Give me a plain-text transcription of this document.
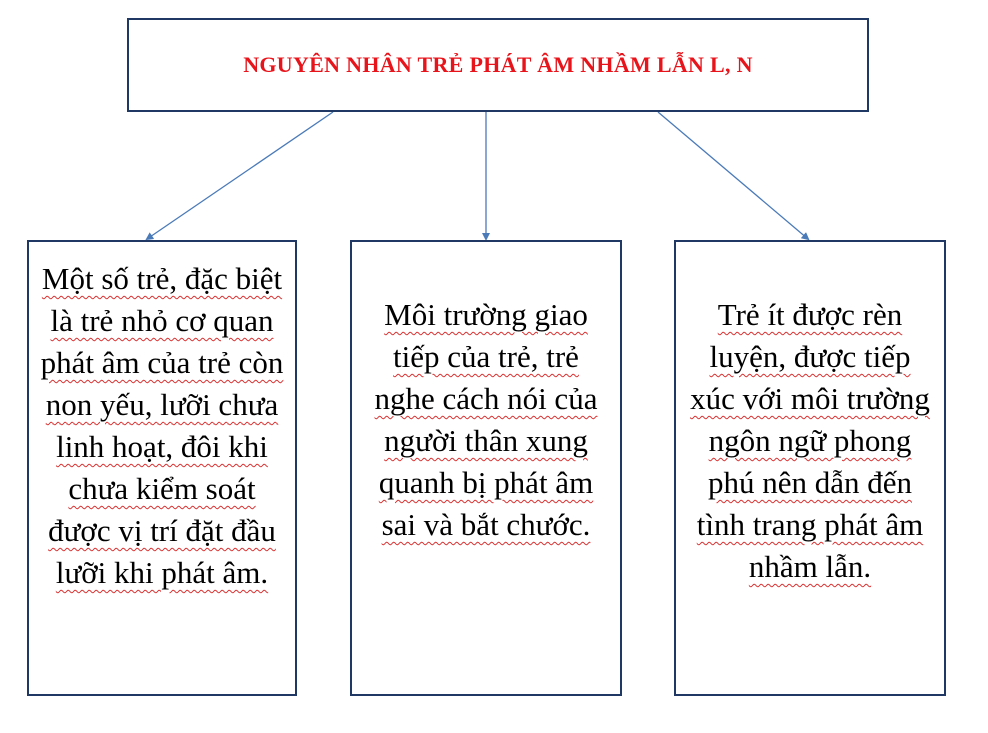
NGUYÊN NHÂN TRẺ PHÁT ÂM NHẦM LẪN L, N
Một số trẻ, đặc biệt là trẻ nhỏ cơ quan phát âm của trẻ còn non yếu, lưỡi chưa linh hoạt, đôi khi chưa kiểm soát được vị trí đặt đầu lưỡi khi phát âm.
Môi trường giao tiếp của trẻ, trẻ nghe cách nói của người thân xung quanh bị phát âm sai và bắt chước.
Trẻ ít được rèn luyện, được tiếp xúc với môi trường ngôn ngữ phong phú nên dẫn đến tình trang phát âm nhầm lẫn.
